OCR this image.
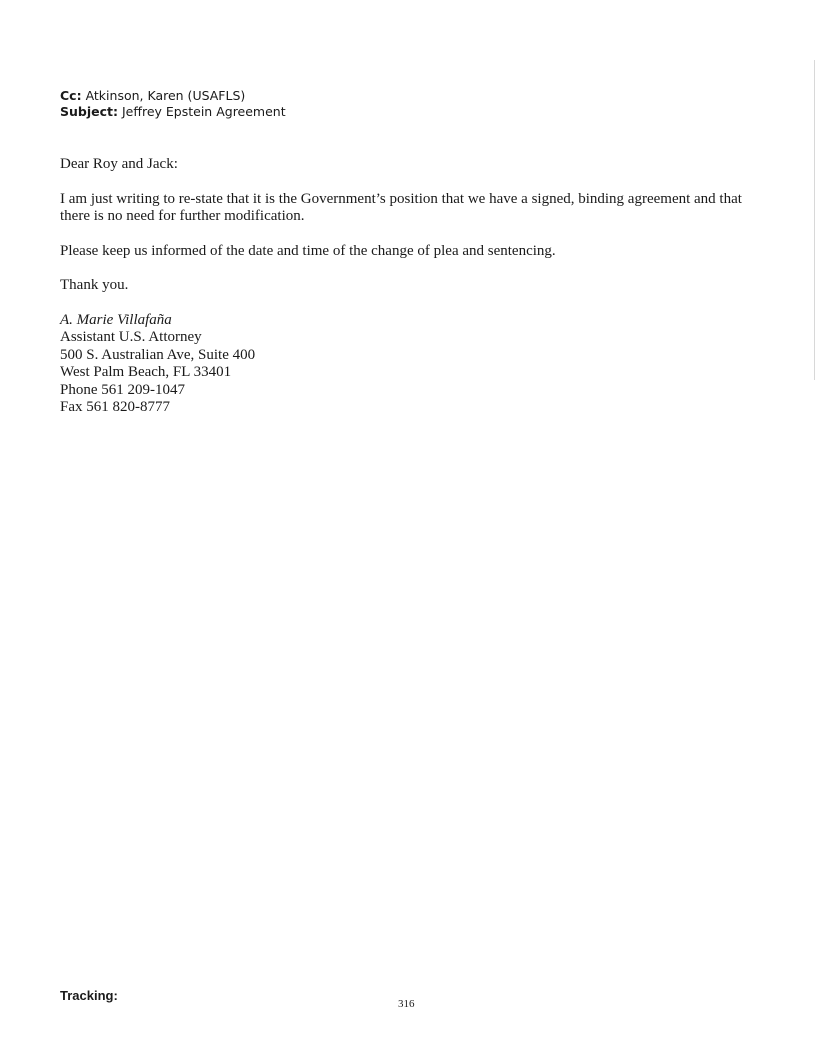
Cc: Atkinson, Karen (USAFLS)
Subject: Jeffrey Epstein Agreement

Dear Roy and Jack:

I am just writing to re-state that it is the Government’s position that we have a signed, binding agreement and that there is no need for further modification.

Please keep us informed of the date and time of the change of plea and sentencing.

Thank you.

A. Marie Villafaña

Assistant U.S. Attorney

500 S. Australian Ave, Suite 400

West Palm Beach, FL 33401

Phone 561 209-1047

Fax 561 820-8777

Tracking:
316
